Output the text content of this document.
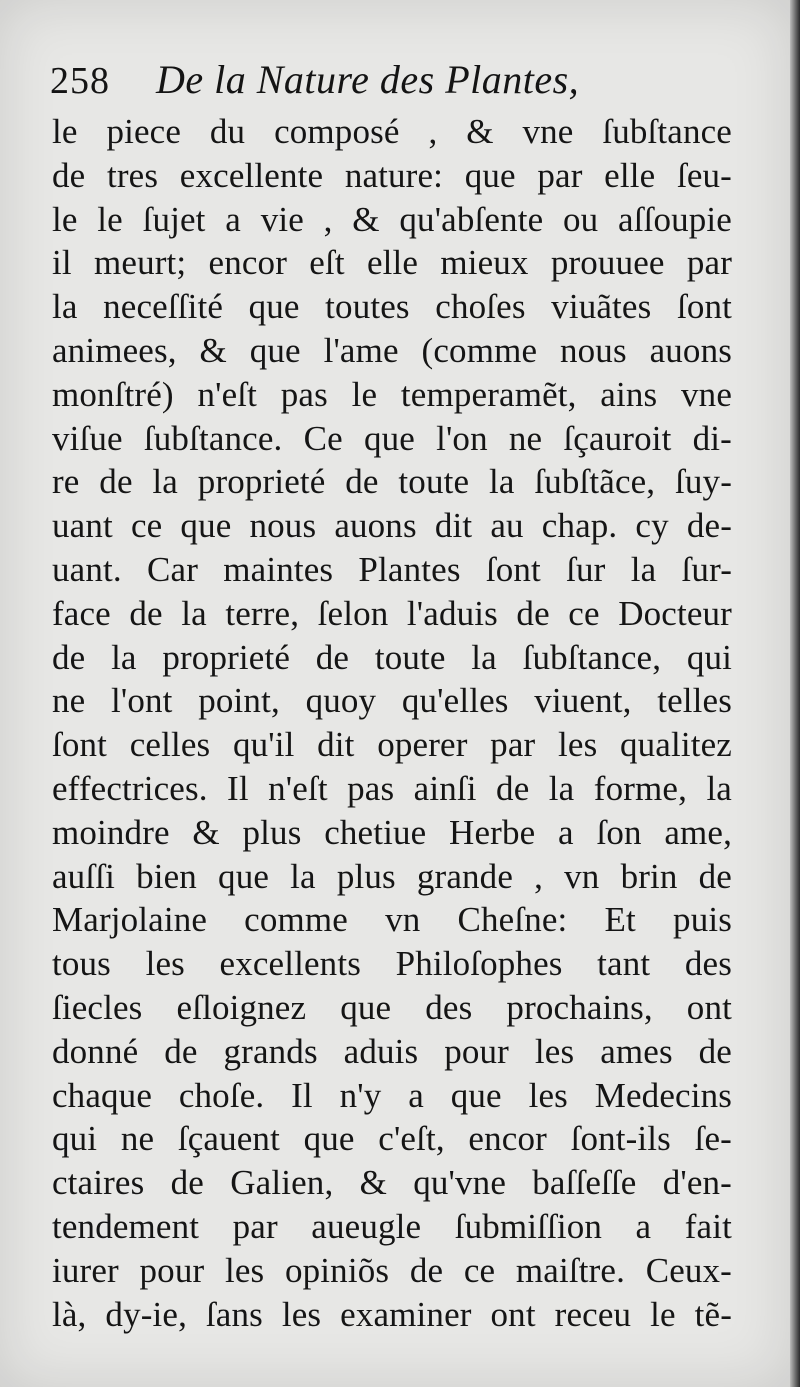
258 De la Nature des Plantes,
le piece du composé , & vne ſubſtance
de tres excellente nature: que par elle ſeu-
le le ſujet a vie , & qu'abſente ou aſſoupie
il meurt; encor eſt elle mieux prouuee par
la neceſſité que toutes choſes viuãtes ſont
animees, & que l'ame (comme nous auons
monſtré) n'eſt pas le temperamẽt, ains vne
viſue ſubſtance. Ce que l'on ne ſçauroit di-
re de la proprieté de toute la ſubſtãce, ſuy-
uant ce que nous auons dit au chap. cy de-
uant. Car maintes Plantes ſont ſur la ſur-
face de la terre, ſelon l'aduis de ce Docteur
de la proprieté de toute la ſubſtance, qui
ne l'ont point, quoy qu'elles viuent, telles
ſont celles qu'il dit operer par les qualitez
effectrices. Il n'eſt pas ainſi de la forme, la
moindre & plus chetiue Herbe a ſon ame,
auſſi bien que la plus grande , vn brin de
Marjolaine comme vn Cheſne: Et puis
tous les excellents Philoſophes tant des
ſiecles eſloignez que des prochains, ont
donné de grands aduis pour les ames de
chaque choſe. Il n'y a que les Medecins
qui ne ſçauent que c'eſt, encor ſont-ils ſe-
ctaires de Galien, & qu'vne baſſeſſe d'en-
tendement par aueugle ſubmiſſion a fait
iurer pour les opiniõs de ce maiſtre. Ceux-
là, dy-ie, ſans les examiner ont receu le tẽ-
